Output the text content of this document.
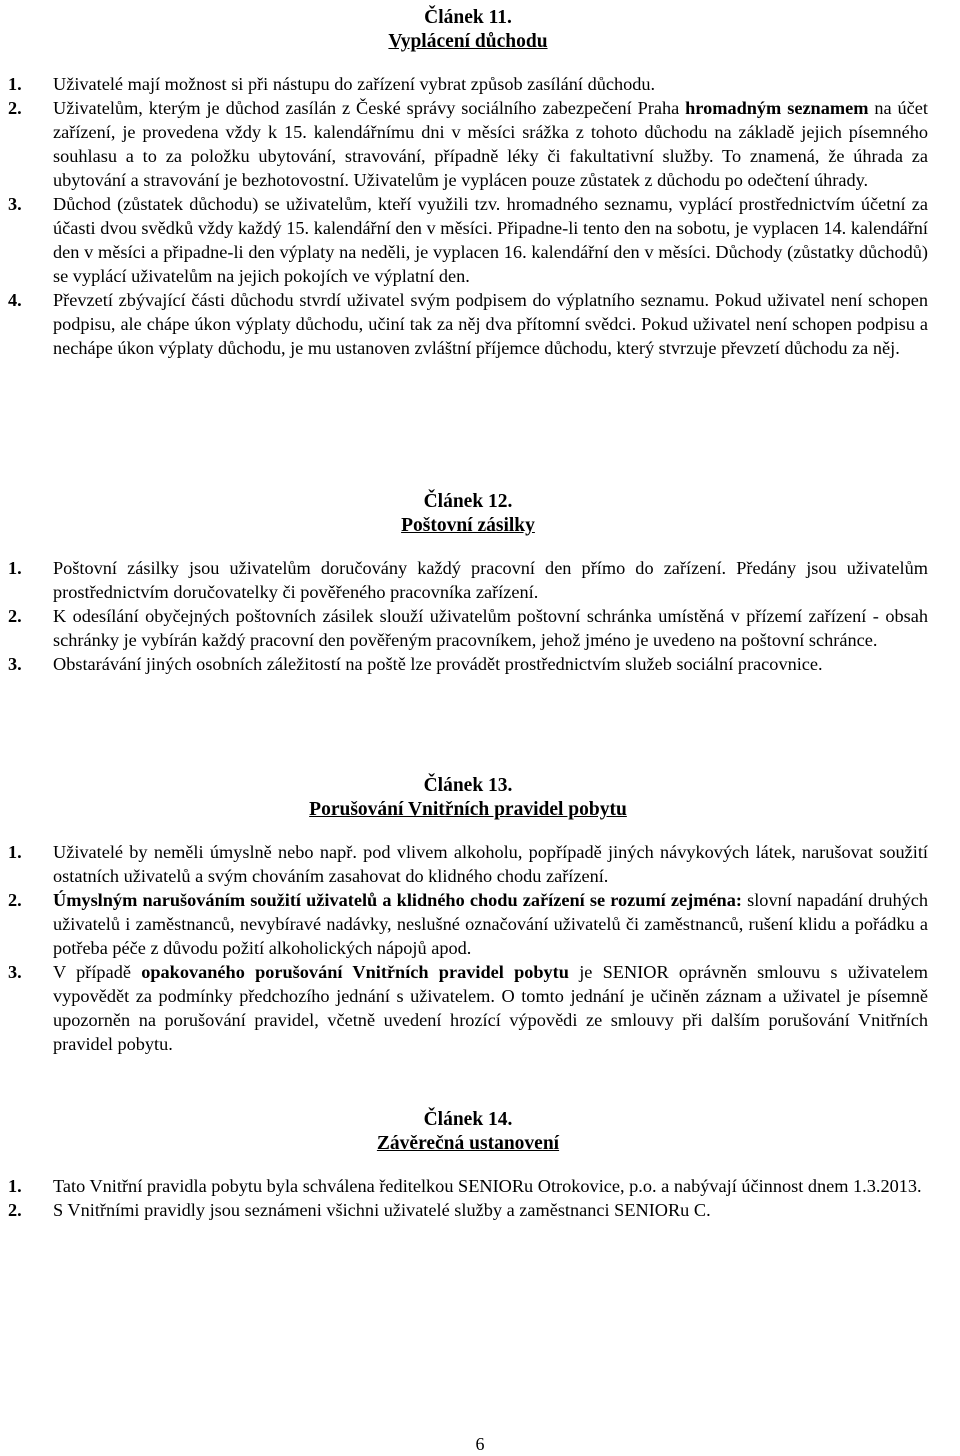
Článek 11.
Vyplácení důchodu
1. Uživatelé mají možnost si při nástupu do zařízení vybrat způsob zasílání důchodu.
2. Uživatelům, kterým je důchod zasílán z České správy sociálního zabezpečení Praha hromadným seznamem na účet zařízení, je provedena vždy k 15. kalendářnímu dni v měsíci srážka z tohoto důchodu na základě jejich písemného souhlasu a to za položku ubytování, stravování, případně léky či fakultativní služby. To znamená, že úhrada za ubytování a stravování je bezhotovostní. Uživatelům je vyplácen pouze zůstatek z důchodu po odečtení úhrady.
3. Důchod (zůstatek důchodu) se uživatelům, kteří využili tzv. hromadného seznamu, vyplácí prostřednictvím účetní za účasti dvou svědků vždy každý 15. kalendářní den v měsíci. Připadne-li tento den na sobotu, je vyplacen 14. kalendářní den v měsíci a připadne-li den výplaty na neděli, je vyplacen 16. kalendářní den v měsíci. Důchody (zůstatky důchodů) se vyplácí uživatelům na jejich pokojích ve výplatní den.
4. Převzetí zbývající části důchodu stvrdí uživatel svým podpisem do výplatního seznamu. Pokud uživatel není schopen podpisu, ale chápe úkon výplaty důchodu, učiní tak za něj dva přítomní svědci. Pokud uživatel není schopen podpisu a nechápe úkon výplaty důchodu, je mu ustanoven zvláštní příjemce důchodu, který stvrzuje převzetí důchodu za něj.
Článek 12.
Poštovní zásilky
1. Poštovní zásilky jsou uživatelům doručovány každý pracovní den přímo do zařízení. Předány jsou uživatelům prostřednictvím doručovatelky či pověřeného pracovníka zařízení.
2. K odesílání obyčejných poštovních zásilek slouží uživatelům poštovní schránka umístěná v přízemí zařízení - obsah schránky je vybírán každý pracovní den pověřeným pracovníkem, jehož jméno je uvedeno na poštovní schránce.
3. Obstarávání jiných osobních záležitostí na poště lze provádět prostřednictvím služeb sociální pracovnice.
Článek 13.
Porušování Vnitřních pravidel pobytu
1. Uživatelé by neměli úmyslně nebo např. pod vlivem alkoholu, popřípadě jiných návykových látek, narušovat soužití ostatních uživatelů a svým chováním zasahovat do klidného chodu zařízení.
2. Úmyslným narušováním soužití uživatelů a klidného chodu zařízení se rozumí zejména: slovní napadání druhých uživatelů i zaměstnanců, nevybíravé nadávky, neslušné označování uživatelů či zaměstnanců, rušení klidu a pořádku a potřeba péče z důvodu požití alkoholických nápojů apod.
3. V případě opakovaného porušování Vnitřních pravidel pobytu je SENIOR oprávněn smlouvu s uživatelem vypovědět za podmínky předchozího jednání s uživatelem. O tomto jednání je učiněn záznam a uživatel je písemně upozorněn na porušování pravidel, včetně uvedení hrozící výpovědi ze smlouvy při dalším porušování Vnitřních pravidel pobytu.
Článek 14.
Závěrečná ustanovení
1. Tato Vnitřní pravidla pobytu byla schválena ředitelkou SENIORu Otrokovice, p.o. a nabývají účinnost dnem 1.3.2013.
2. S Vnitřními pravidly jsou seznámeni všichni uživatelé služby a zaměstnanci SENIORu C.
6
